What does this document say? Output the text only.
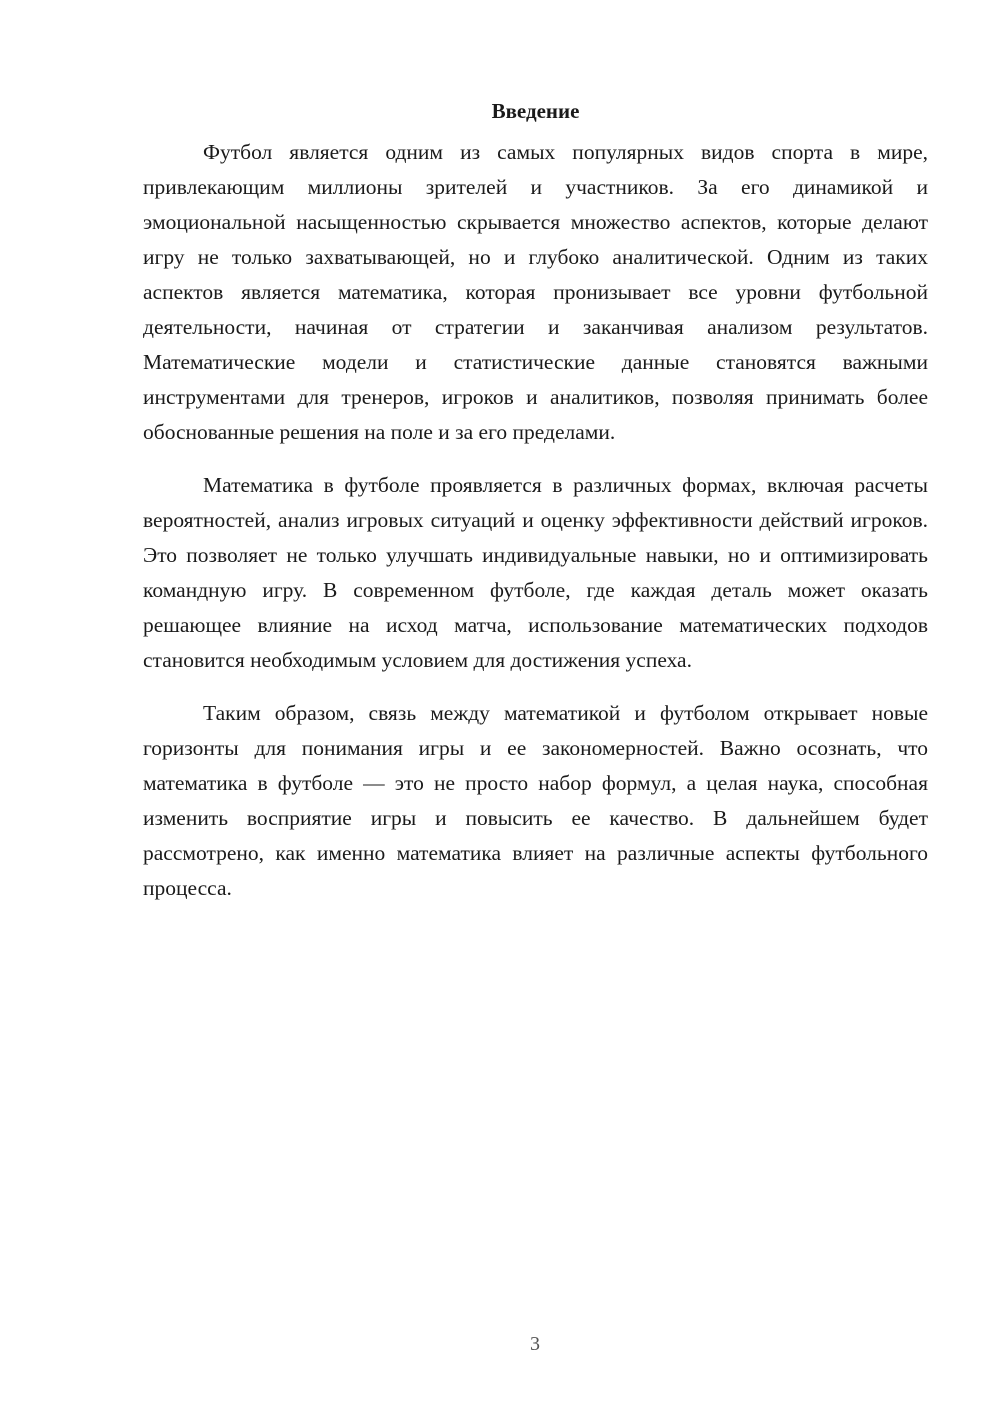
Введение

Футбол является одним из самых популярных видов спорта в мире, привлекающим миллионы зрителей и участников. За его динамикой и эмоциональной насыщенностью скрывается множество аспектов, которые делают игру не только захватывающей, но и глубоко аналитической. Одним из таких аспектов является математика, которая пронизывает все уровни футбольной деятельности, начиная от стратегии и заканчивая анализом результатов. Математические модели и статистические данные становятся важными инструментами для тренеров, игроков и аналитиков, позволяя принимать более обоснованные решения на поле и за его пределами.

Математика в футболе проявляется в различных формах, включая расчеты вероятностей, анализ игровых ситуаций и оценку эффективности действий игроков. Это позволяет не только улучшать индивидуальные навыки, но и оптимизировать командную игру. В современном футболе, где каждая деталь может оказать решающее влияние на исход матча, использование математических подходов становится необходимым условием для достижения успеха.

Таким образом, связь между математикой и футболом открывает новые горизонты для понимания игры и ее закономерностей. Важно осознать, что математика в футболе — это не просто набор формул, а целая наука, способная изменить восприятие игры и повысить ее качество. В дальнейшем будет рассмотрено, как именно математика влияет на различные аспекты футбольного процесса.

3
